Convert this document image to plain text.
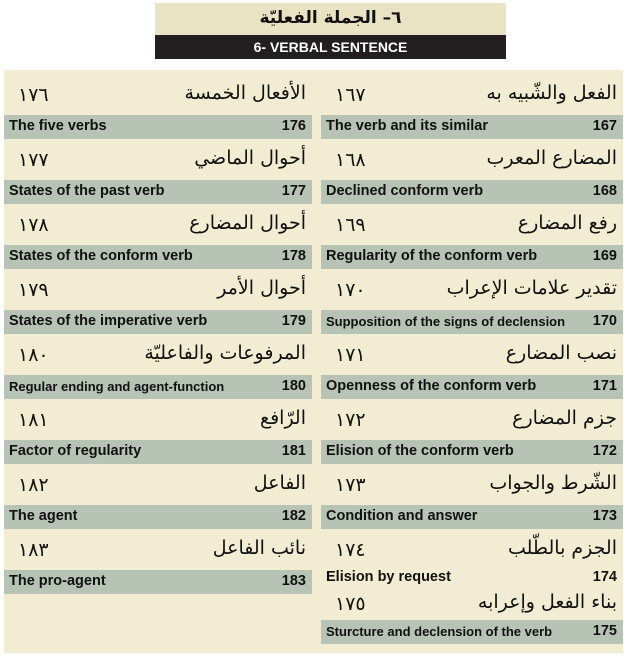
٦– الجملة الفعليّة
6- VERBAL SENTENCE
١٧٦	الأفعال الخمسة
The five verbs	176
١٧٧	أحوال الماضي
States of the past verb	177
١٧٨	أحوال المضارع
States of the conform verb	178
١٧٩	أحوال الأمر
States of the imperative verb	179
١٨٠	المرفوعات والفاعليّة
Regular ending and agent-function	180
١٨١	الرّافع
Factor of regularity	181
١٨٢	الفاعل
The agent	182
١٨٣	نائب الفاعل
The pro-agent	183
١٦٧	الفعل والشّبيه به
The verb and its similar	167
١٦٨	المضارع المعرب
Declined conform verb	168
١٦٩	رفع المضارع
Regularity of the conform verb	169
١٧٠	تقدير علامات الإعراب
Supposition of the signs of declension 170
١٧١	نصب المضارع
Openness of the conform verb	171
١٧٢	جزم المضارع
Elision of the conform verb	172
١٧٣	الشّرط والجواب
Condition and answer	173
١٧٤	الجزم بالطّلب
Elision by request	174
١٧٥	بناء الفعل وإعرابه
Sturcture and declension of the verb	175
